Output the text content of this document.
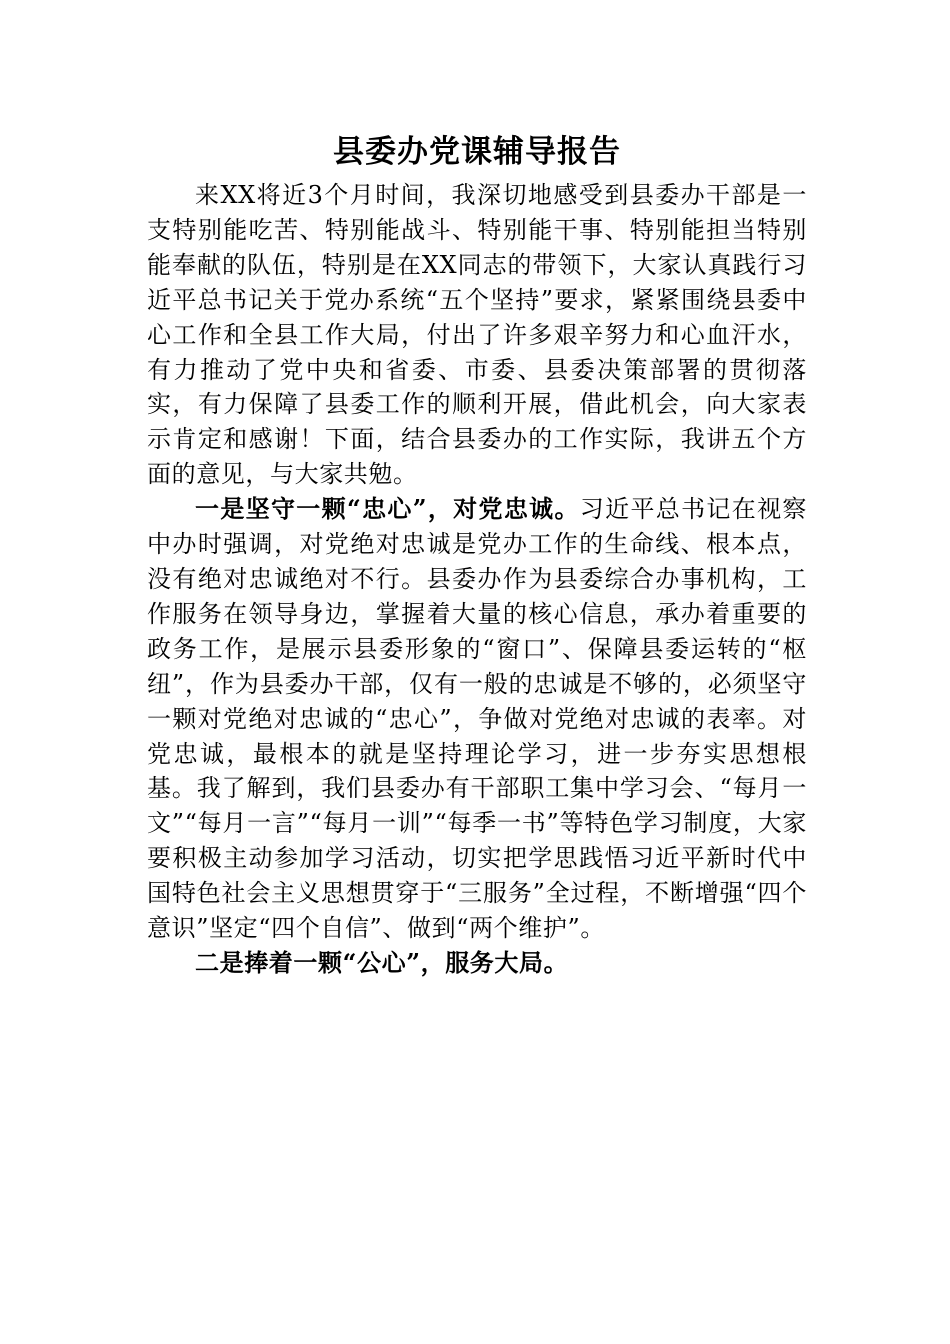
县委办党课辅导报告

来XX将近3个月时间，我深切地感受到县委办干部是一支特别能吃苦、特别能战斗、特别能干事、特别能担当特别能奉献的队伍，特别是在XX同志的带领下，大家认真践行习近平总书记关于党办系统“五个坚持”要求，紧紧围绕县委中心工作和全县工作大局，付出了许多艰辛努力和心血汗水，有力推动了党中央和省委、市委、县委决策部署的贯彻落实，有力保障了县委工作的顺利开展，借此机会，向大家表示肯定和感谢！下面，结合县委办的工作实际，我讲五个方面的意见，与大家共勉。

一是坚守一颗“忠心”，对党忠诚。习近平总书记在视察中办时强调，对党绝对忠诚是党办工作的生命线、根本点，没有绝对忠诚绝对不行。县委办作为县委综合办事机构，工作服务在领导身边，掌握着大量的核心信息，承办着重要的政务工作，是展示县委形象的“窗口”、保障县委运转的“枢纽”，作为县委办干部，仅有一般的忠诚是不够的，必须坚守一颗对党绝对忠诚的“忠心”，争做对党绝对忠诚的表率。对党忠诚，最根本的就是坚持理论学习，进一步夯实思想根基。我了解到，我们县委办有干部职工集中学习会、“每月一文”“每月一言”“每月一训”“每季一书”等特色学习制度，大家要积极主动参加学习活动，切实把学思践悟习近平新时代中国特色社会主义思想贯穿于“三服务”全过程，不断增强“四个意识”坚定“四个自信”、做到“两个维护”。

二是捧着一颗“公心”，服务大局。
